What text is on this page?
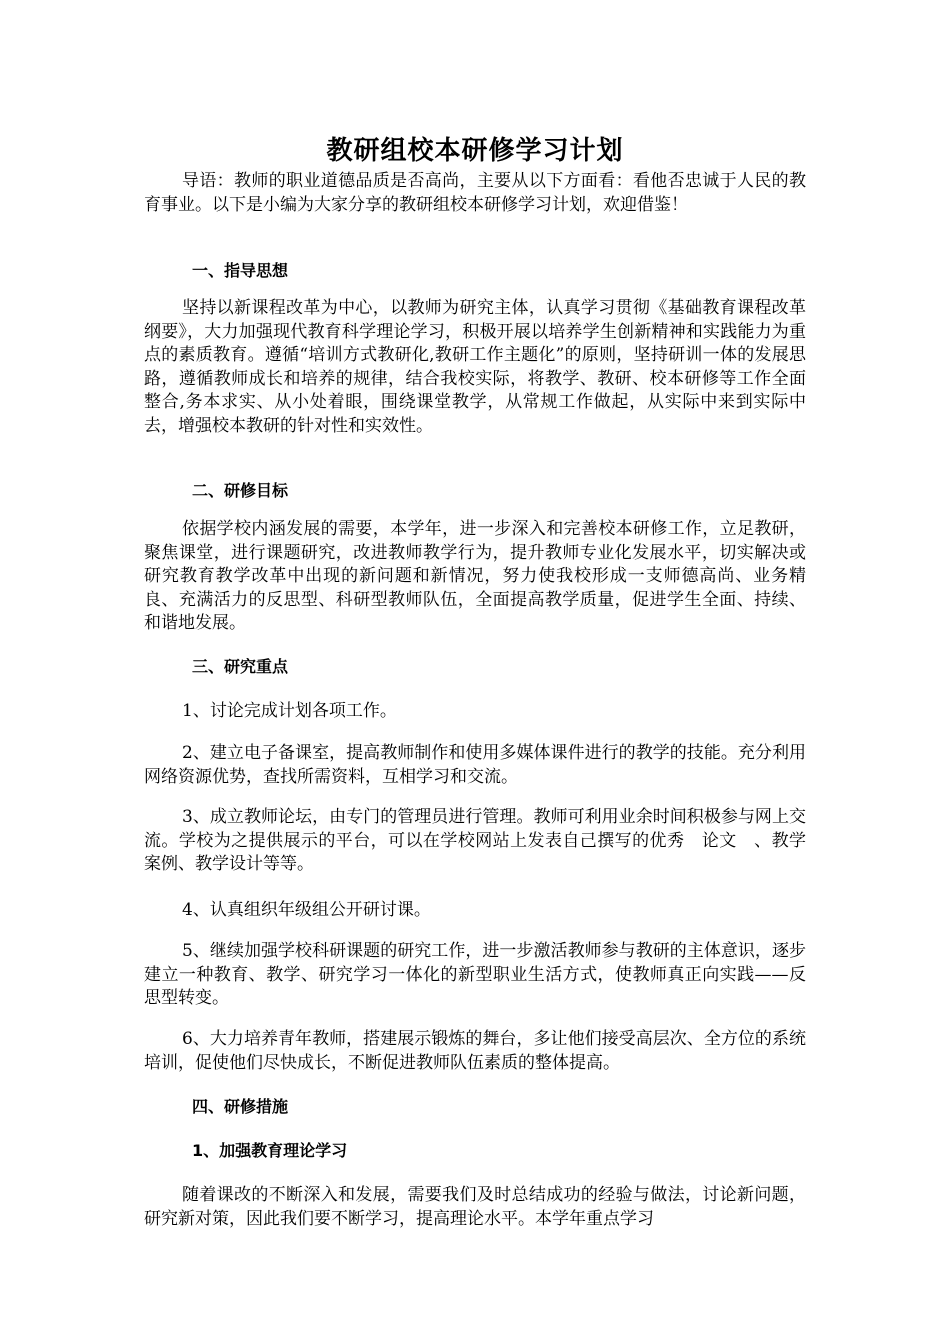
教研组校本研修学习计划

导语：教师的职业道德品质是否高尚，主要从以下方面看：看他否忠诚于人民的教育事业。以下是小编为大家分享的教研组校本研修学习计划，欢迎借鉴！

一、指导思想

坚持以新课程改革为中心，以教师为研究主体，认真学习贯彻《基础教育课程改革纲要》，大力加强现代教育科学理论学习，积极开展以培养学生创新精神和实践能力为重点的素质教育。遵循“培训方式教研化,教研工作主题化”的原则，坚持研训一体的发展思路，遵循教师成长和培养的规律，结合我校实际，将教学、教研、校本研修等工作全面整合,务本求实、从小处着眼，围绕课堂教学，从常规工作做起，从实际中来到实际中去，增强校本教研的针对性和实效性。

二、研修目标

依据学校内涵发展的需要，本学年，进一步深入和完善校本研修工作，立足教研，聚焦课堂，进行课题研究，改进教师教学行为，提升教师专业化发展水平，切实解决或研究教育教学改革中出现的新问题和新情况，努力使我校形成一支师德高尚、业务精良、充满活力的反思型、科研型教师队伍，全面提高教学质量，促进学生全面、持续、和谐地发展。

三、研究重点

1、讨论完成计划各项工作。

2、建立电子备课室，提高教师制作和使用多媒体课件进行的教学的技能。充分利用网络资源优势，查找所需资料，互相学习和交流。

3、成立教师论坛，由专门的管理员进行管理。教师可利用业余时间积极参与网上交流。学校为之提供展示的平台，可以在学校网站上发表自己撰写的优秀　论文　、教学案例、教学设计等等。

4、认真组织年级组公开研讨课。

5、继续加强学校科研课题的研究工作，进一步激活教师参与教研的主体意识，逐步建立一种教育、教学、研究学习一体化的新型职业生活方式，使教师真正向实践——反思型转变。

6、大力培养青年教师，搭建展示锻炼的舞台，多让他们接受高层次、全方位的系统培训，促使他们尽快成长，不断促进教师队伍素质的整体提高。

四、研修措施
1、加强教育理论学习

随着课改的不断深入和发展，需要我们及时总结成功的经验与做法，讨论新问题，研究新对策，因此我们要不断学习，提高理论水平。本学年重点学习
